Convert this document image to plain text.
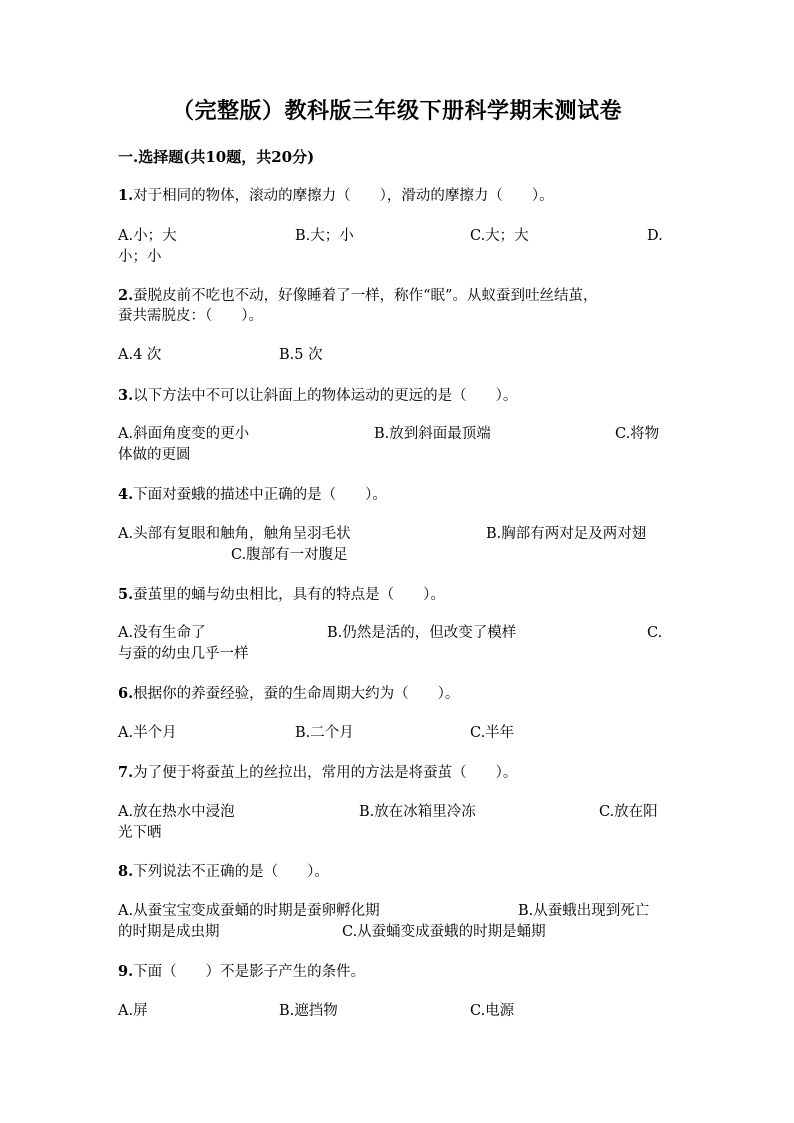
（完整版）教科版三年级下册科学期末测试卷
一.选择题(共10题，共20分)
1.对于相同的物体，滚动的摩擦力（　　），滑动的摩擦力（　　）。
A.小；大	B.大；小	C.大；大	D.
小；小
2.蚕脱皮前不吃也不动，好像睡着了一样，称作“眠”。从蚁蚕到吐丝结茧，
蚕共需脱皮：（　　）。
A.4 次	B.5 次
3.以下方法中不可以让斜面上的物体运动的更远的是（　　）。
A.斜面角度变的更小	B.放到斜面最顶端	C.将物
体做的更圆
4.下面对蚕蛾的描述中正确的是（　　）。
A.头部有复眼和触角，触角呈羽毛状	B.胸部有两对足及两对翅
C.腹部有一对腹足
5.蚕茧里的蛹与幼虫相比，具有的特点是（　　）。
A.没有生命了	B.仍然是活的，但改变了模样	C.
与蚕的幼虫几乎一样
6.根据你的养蚕经验，蚕的生命周期大约为（　　）。
A.半个月	B.二个月	C.半年
7.为了便于将蚕茧上的丝拉出，常用的方法是将蚕茧（　　）。
A.放在热水中浸泡	B.放在冰箱里冷冻	C.放在阳
光下晒
8.下列说法不正确的是（　　）。
A.从蚕宝宝变成蚕蛹的时期是蚕卵孵化期	B.从蚕蛾出现到死亡
的时期是成虫期	C.从蚕蛹变成蚕蛾的时期是蛹期
9.下面（　　）不是影子产生的条件。
A.屏	B.遮挡物	C.电源
